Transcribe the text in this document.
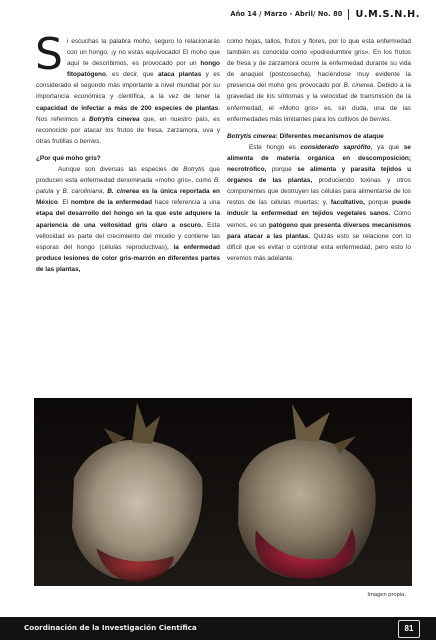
Año 14 / Marzo - Abril/ No. 80 U.M.S.N.H.

S i escuchas la palabra moho, seguro lo relacionarás con un hongo, ¡y no estás equivocado! El moho que aquí te describimos, es provocado por un hongo fitopatógeno, es decir, que ataca plantas y es considerado el segundo más importante a nivel mundial por su importancia económica y científica, a la vez de tener la capacidad de infectar a más de 200 especies de plantas. Nos referimos a Botrytis cinerea que, en nuestro país, es reconocido por atacar los frutos de fresa, zarzamora, uva y otras frutillas o berries.

¿Por qué moho gris?

Aunque son diversas las especies de Botrytis que producen esta enfermedad denominada «moho gris», como B. patula y B. caroliniana, B. cinerea es la única reportada en México. El nombre de la enfermedad hace referencia a una etapa del desarrollo del hongo en la que este adquiere la apariencia de una vellosidad gris claro a oscuro. Esta vellosidad es parte del crecimiento del micelio y contiene las esporas del hongo (células reproductivas), la enfermedad produce lesiones de color gris-marrón en diferentes partes de las plantas,

como hojas, tallos, frutos y flores, por lo que esta enfermedad también es conocida como «podredumbre gris». En los frutos de fresa y de zarzamora ocurre la enfermedad durante su vida de anaquel (postcosecha), haciéndose muy evidente la presencia del moho gris provocado por B. cinerea. Debido a la gravedad de los síntomas y la velocidad de transmisión de la enfermedad, el «Moho gris» es, sin duda, una de las enfermedades más limitantes para los cultivos de berries.

Botrytis cinerea: Diferentes mecanismos de ataque

Este hongo es considerado saprófito, ya que se alimenta de materia orgánica en descomposición; necrotrófico, porque se alimenta y parasita tejidos u órganos de las plantas, produciendo toxinas y otros componentes que destruyen las células para alimentarse de los restos de las células muertas; y, facultativo, porque puede inducir la enfermedad en tejidos vegetales sanos. Como vemos, es un patógeno que presenta diversos mecanismos para atacar a las plantas. Quizás esto se relacione con lo difícil que es evitar o controlar esta enfermedad, pero esto lo veremos más adelante.

Imagen propia.
Coordinación de la Investigación Científica	81
